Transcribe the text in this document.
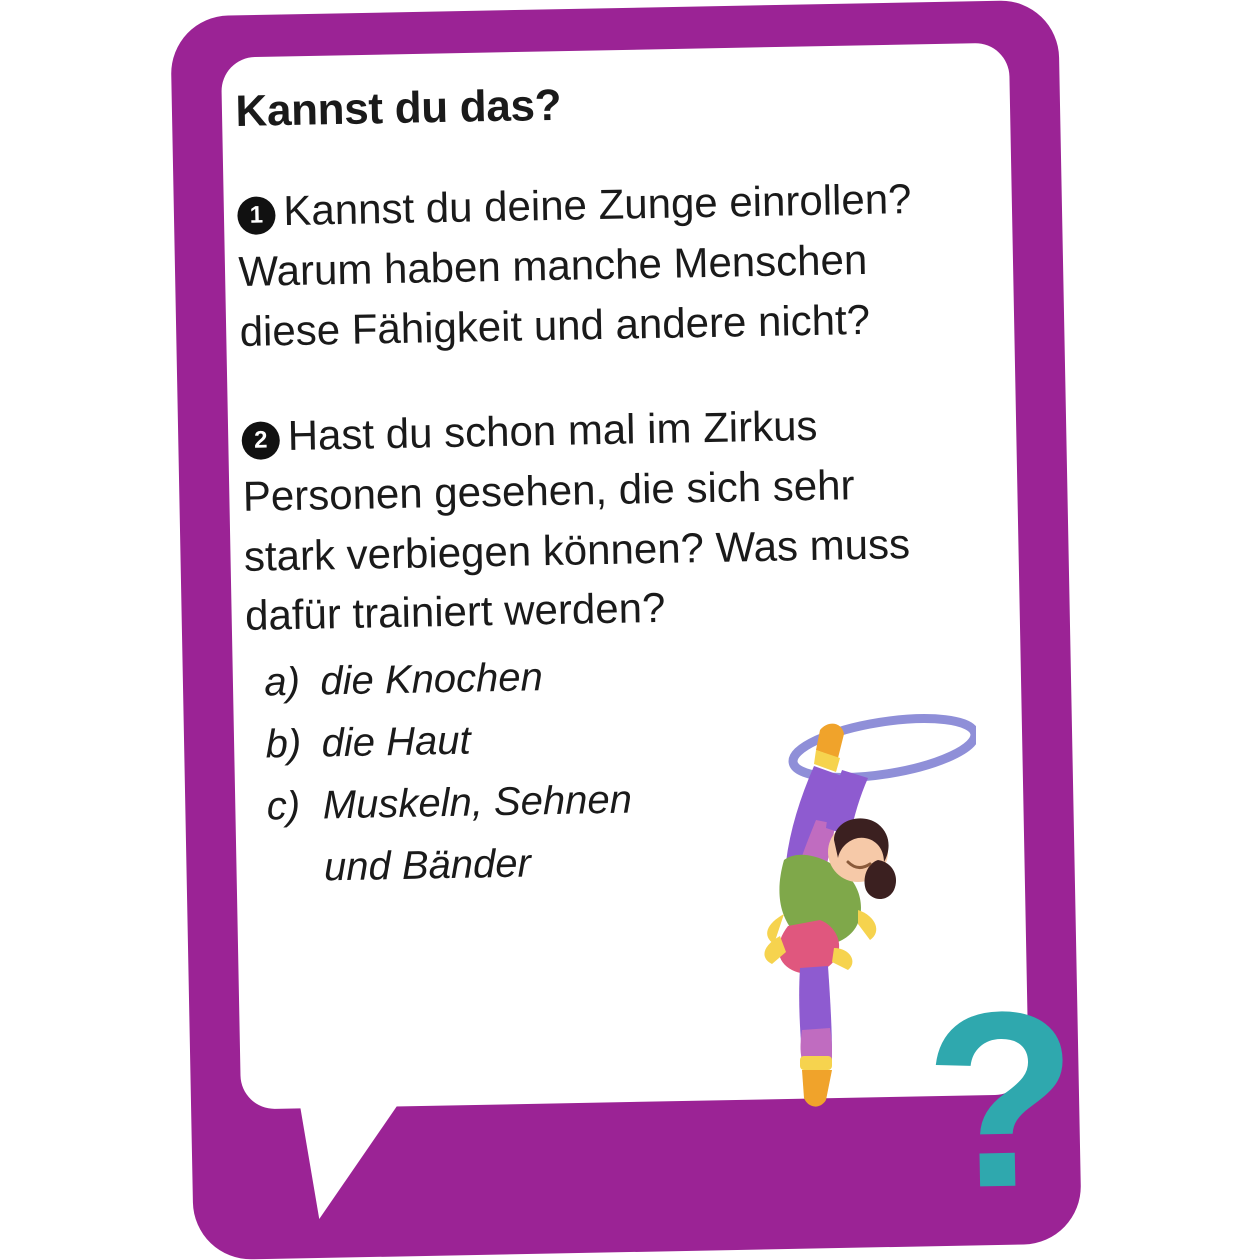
Kannst du das?
1 Kannst du deine Zunge einrollen? Warum haben manche Menschen diese Fähigkeit und andere nicht?
2 Hast du schon mal im Zirkus Personen gesehen, die sich sehr stark verbiegen können? Was muss dafür trainiert werden?
a) die Knochen
b) die Haut
c) Muskeln, Sehnen
und Bänder
?
